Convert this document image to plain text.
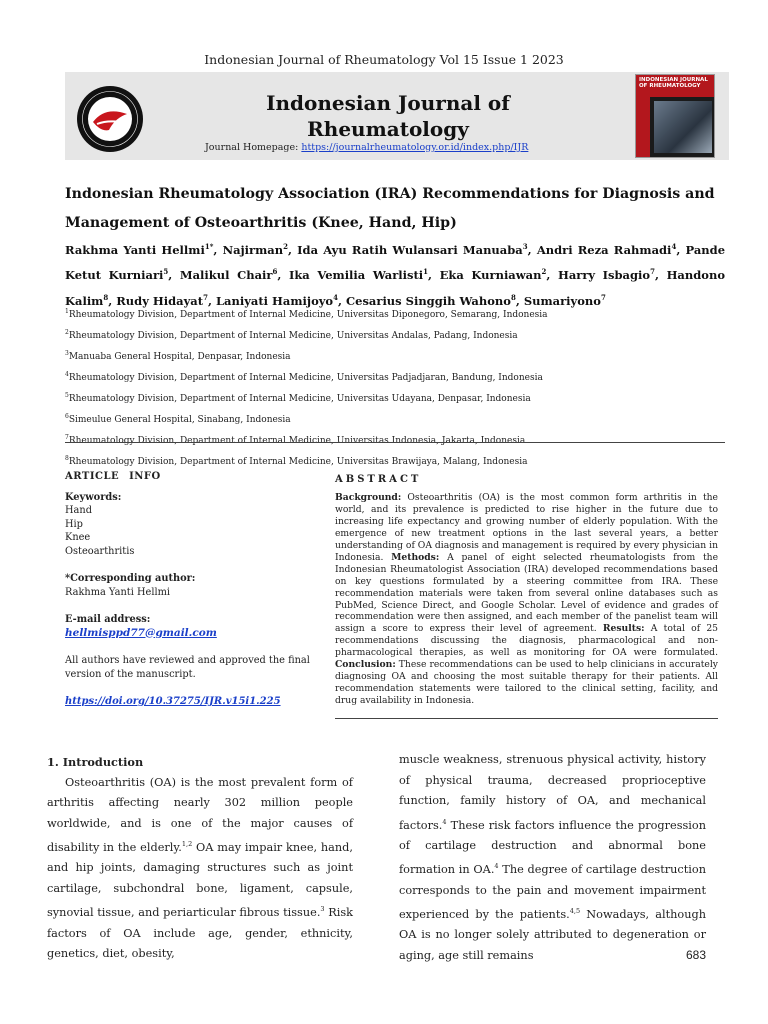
Indonesian Journal of Rheumatology Vol 15 Issue 1 2023
Indonesian Journal of
Rheumatology
Journal Homepage: https://journalrheumatology.or.id/index.php/IJR
INDONESIAN JOURNAL OF RHEUMATOLOGY
Indonesian Rheumatology Association (IRA) Recommendations for Diagnosis and
Management of Osteoarthritis (Knee, Hand, Hip)
Rakhma Yanti Hellmi$^{1*}$, Najirman$^2$, Ida Ayu Ratih Wulansari Manuaba$^3$, Andri Reza Rahmadi$^4$, Pande Ketut Kurniari$^5$, Malikul Chair$^6$, Ika Vemilia Warlisti$^1$, Eka Kurniawan$^2$, Harry Isbagio$^7$, Handono Kalim$^8$, Rudy Hidayat$^7$, Laniyati Hamijoyo$^4$, Cesarius Singgih Wahono$^8$, Sumariyono$^7$
$^1$Rheumatology Division, Department of Internal Medicine, Universitas Diponegoro, Semarang, Indonesia
$^2$Rheumatology Division, Department of Internal Medicine, Universitas Andalas, Padang, Indonesia
$^3$Manuaba General Hospital, Denpasar, Indonesia
$^4$Rheumatology Division, Department of Internal Medicine, Universitas Padjadjaran, Bandung, Indonesia
$^5$Rheumatology Division, Department of Internal Medicine, Universitas Udayana, Denpasar, Indonesia
$^6$Simeulue General Hospital, Sinabang, Indonesia
$^7$Rheumatology Division, Department of Internal Medicine, Universitas Indonesia, Jakarta, Indonesia
$^8$Rheumatology Division, Department of Internal Medicine, Universitas Brawijaya, Malang, Indonesia
ARTICLE INFO
Keywords:
Hand
Hip
Knee
Osteoarthritis
*Corresponding author:
Rakhma Yanti Hellmi
E-mail address:
hellmisppd77@gmail.com
All authors have reviewed and approved the final version of the manuscript.
https://doi.org/10.37275/IJR.v15i1.225
ABSTRACT
Background: Osteoarthritis (OA) is the most common form arthritis in the world, and its prevalence is predicted to rise higher in the future due to increasing life expectancy and growing number of elderly population. With the emergence of new treatment options in the last several years, a better understanding of OA diagnosis and management is required by every physician in Indonesia. Methods: A panel of eight selected rheumatologists from the Indonesian Rheumatologist Association (IRA) developed recommendations based on key questions formulated by a steering committee from IRA. These recommendation materials were taken from several online databases such as PubMed, Science Direct, and Google Scholar. Level of evidence and grades of recommendation were then assigned, and each member of the panelist team will assign a score to express their level of agreement. Results: A total of 25 recommendations discussing the diagnosis, pharmacological and non-pharmacological therapies, as well as monitoring for OA were formulated. Conclusion: These recommendations can be used to help clinicians in accurately diagnosing OA and choosing the most suitable therapy for their patients. All recommendation statements were tailored to the clinical setting, facility, and drug availability in Indonesia.
1. Introduction

Osteoarthritis (OA) is the most prevalent form of arthritis affecting nearly 302 million people worldwide, and is one of the major causes of disability in the elderly.$^{1,2}$ OA may impair knee, hand, and hip joints, damaging structures such as joint cartilage, subchondral bone, ligament, capsule, synovial tissue, and periarticular fibrous tissue.$^3$ Risk factors of OA include age, gender, ethnicity, genetics, diet, obesity,

muscle weakness, strenuous physical activity, history of physical trauma, decreased proprioceptive function, family history of OA, and mechanical factors.$^4$ These risk factors influence the progression of cartilage destruction and abnormal bone formation in OA.$^4$ The degree of cartilage destruction corresponds to the pain and movement impairment experienced by the patients.$^{4,5}$ Nowadays, although OA is no longer solely attributed to degeneration or aging, age still remains	683
